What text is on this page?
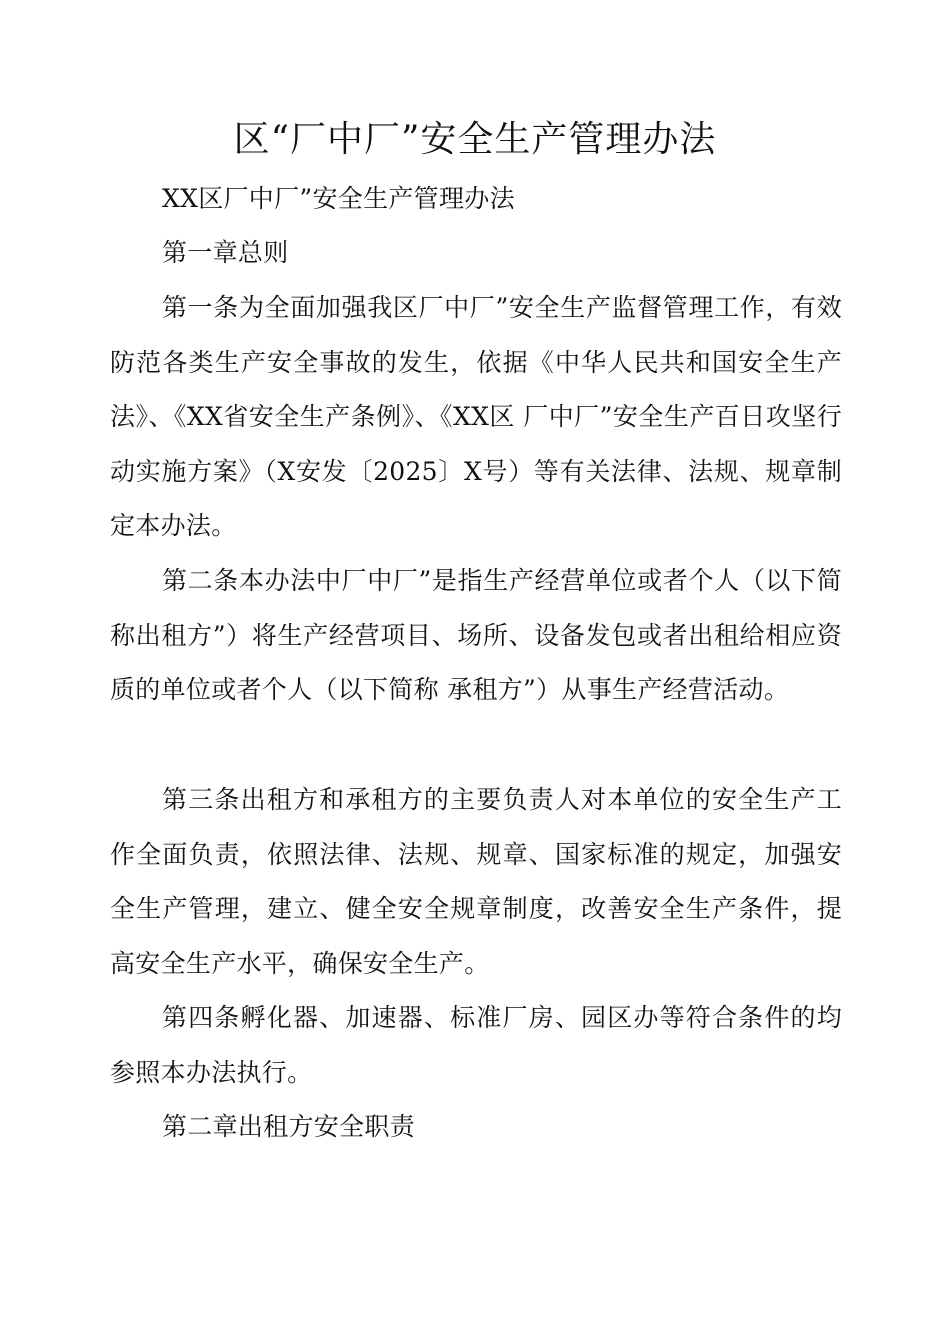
区“厂中厂”安全生产管理办法

XX区厂中厂”安全生产管理办法

第一章总则

第一条为全面加强我区厂中厂”安全生产监督管理工作，有效防范各类生产安全事故的发生，依据《中华人民共和国安全生产法》、《XX省安全生产条例》、《XX区 厂中厂”安全生产百日攻坚行动实施方案》（X安发〔2025〕X号）等有关法律、法规、规章制定本办法。

第二条本办法中厂中厂”是指生产经营单位或者个人（以下简称出租方”）将生产经营项目、场所、设备发包或者出租给相应资质的单位或者个人（以下简称 承租方”）从事生产经营活动。

第三条出租方和承租方的主要负责人对本单位的安全生产工作全面负责，依照法律、法规、规章、国家标准的规定，加强安全生产管理，建立、健全安全规章制度，改善安全生产条件，提高安全生产水平，确保安全生产。

第四条孵化器、加速器、标准厂房、园区办等符合条件的均参照本办法执行。

第二章出租方安全职责
